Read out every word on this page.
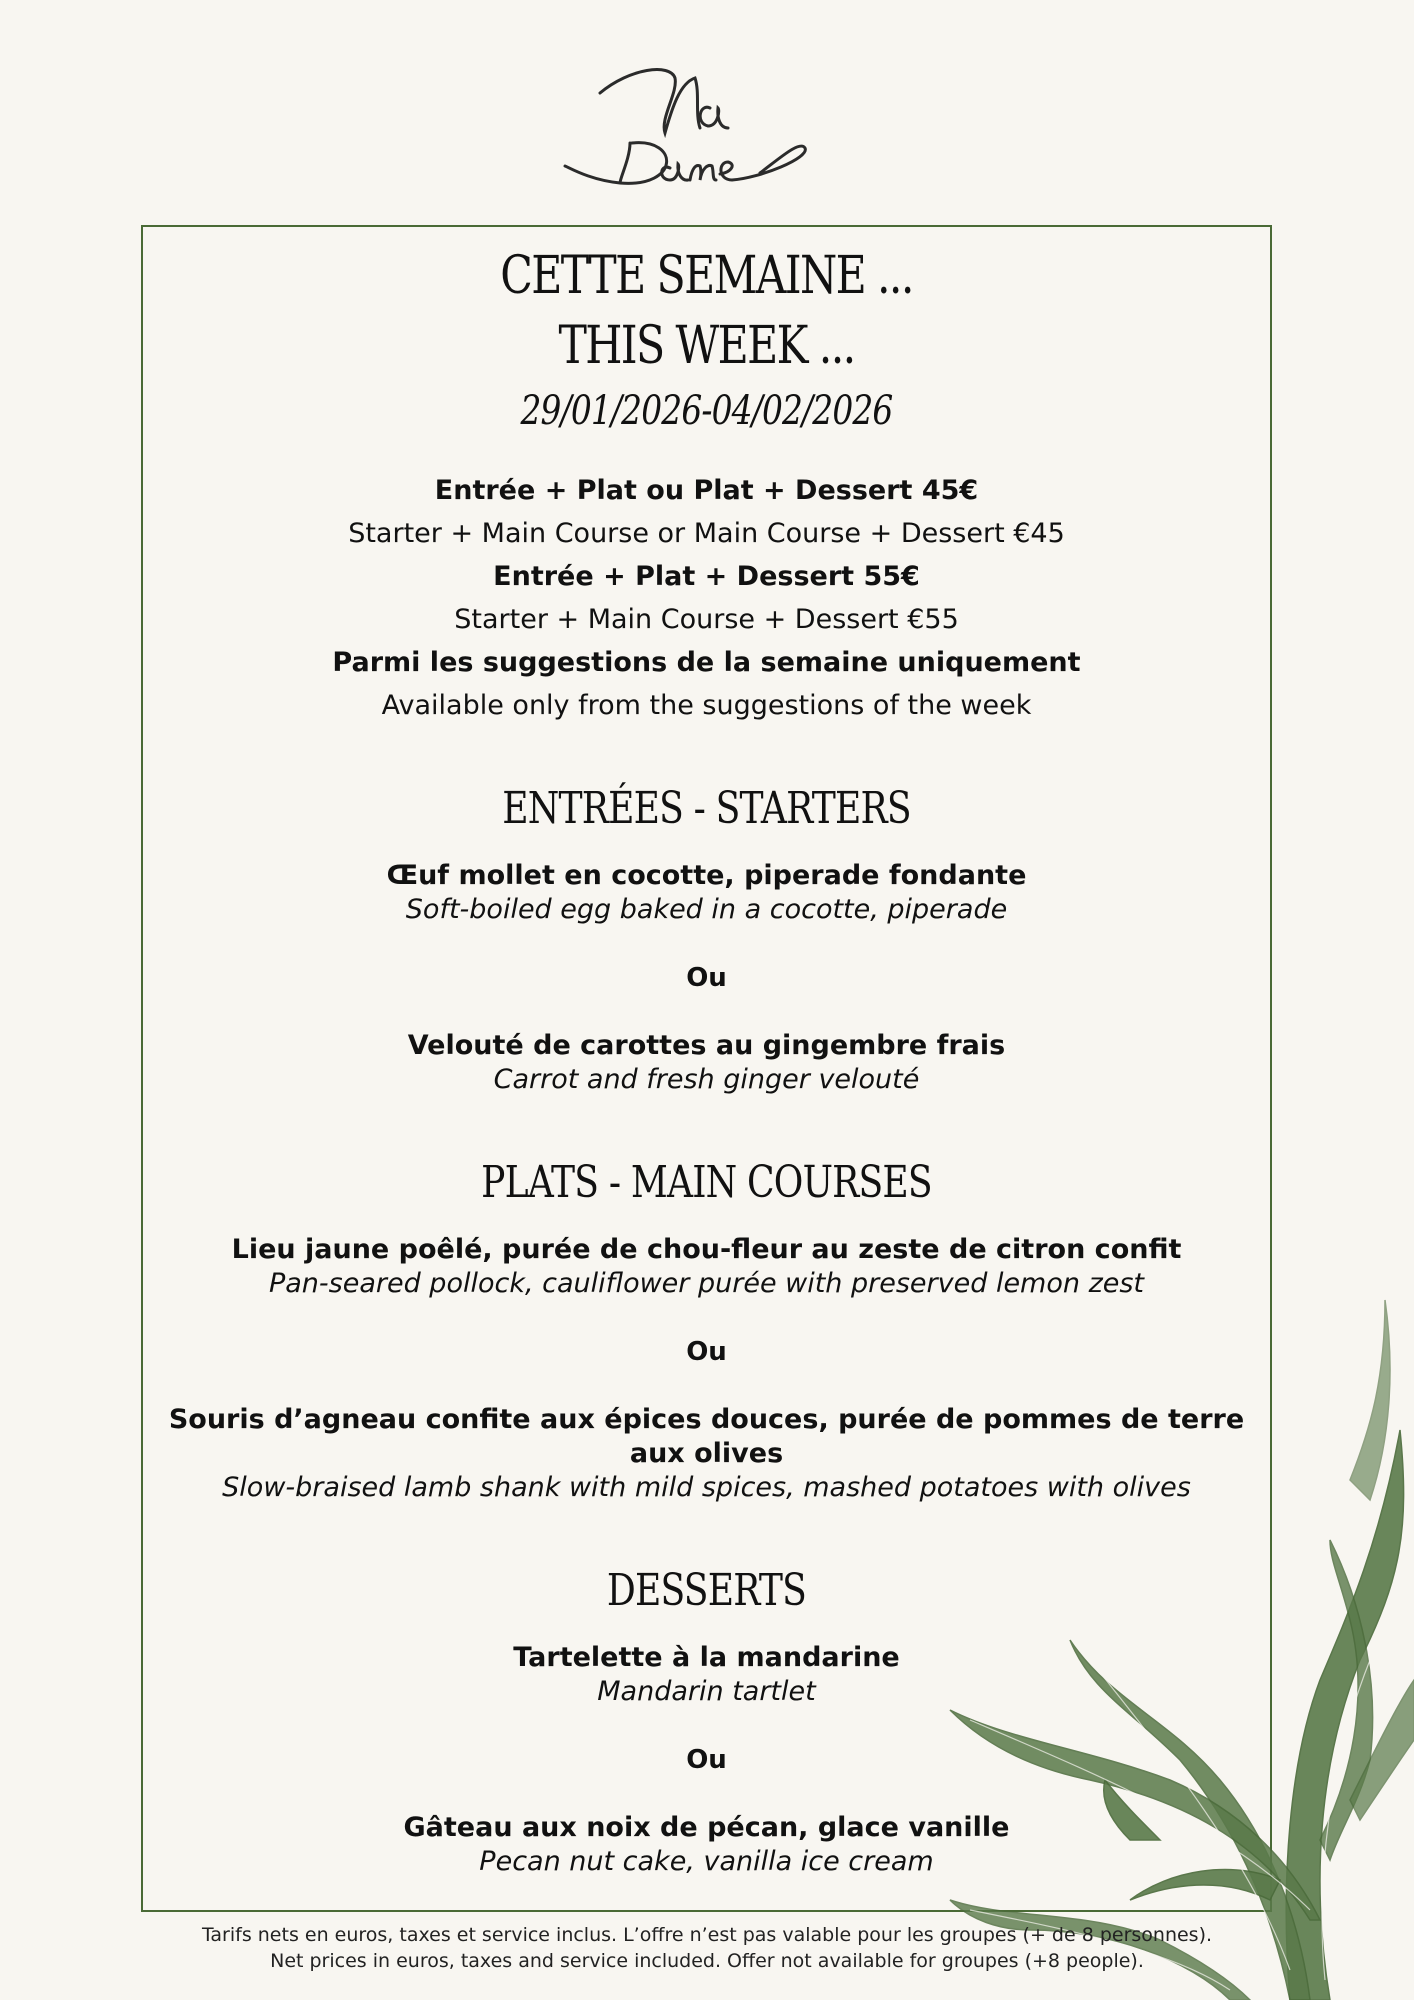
CETTE SEMAINE ...
THIS WEEK ...
29/01/2026-04/02/2026
Entrée + Plat ou Plat + Dessert 45€
Starter + Main Course or Main Course + Dessert €45
Entrée + Plat + Dessert 55€
Starter + Main Course + Dessert €55
Parmi les suggestions de la semaine uniquement
Available only from the suggestions of the week
ENTRÉES - STARTERS
Œuf mollet en cocotte, piperade fondante
Soft-boiled egg baked in a cocotte, piperade
Ou
Velouté de carottes au gingembre frais
Carrot and fresh ginger velouté
PLATS - MAIN COURSES
Lieu jaune poêlé, purée de chou-fleur au zeste de citron confit
Pan-seared pollock, cauliflower purée with preserved lemon zest
Ou
Souris d’agneau confite aux épices douces, purée de pommes de terre aux olives
Slow-braised lamb shank with mild spices, mashed potatoes with olives
DESSERTS
Tartelette à la mandarine
Mandarin tartlet
Ou
Gâteau aux noix de pécan, glace vanille
Pecan nut cake, vanilla ice cream
Tarifs nets en euros, taxes et service inclus. L’offre n’est pas valable pour les groupes (+ de 8 personnes).
Net prices in euros, taxes and service included. Offer not available for groupes (+8 people).
